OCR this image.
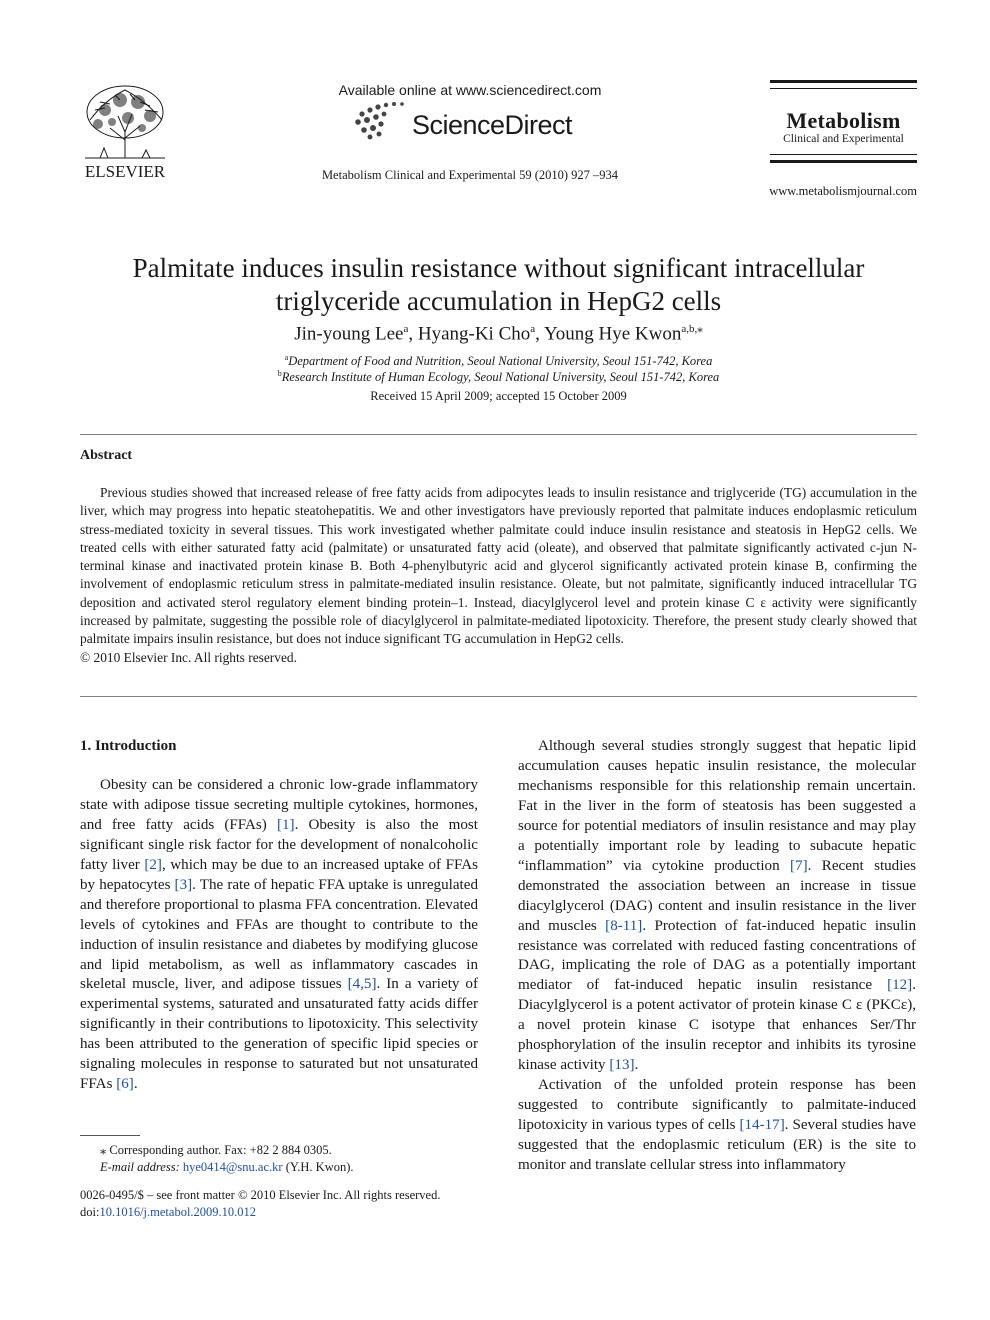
ELSEVIER
Available online at www.sciencedirect.com
ScienceDirect
Metabolism Clinical and Experimental 59 (2010) 927 –934
Metabolism
Clinical and Experimental
www.metabolismjournal.com
Palmitate induces insulin resistance without significant intracellular triglyceride accumulation in HepG2 cells
Jin-young Lee$^a$, Hyang-Ki Cho$^a$, Young Hye Kwon$^{a,b,⁎}$
$^a$Department of Food and Nutrition, Seoul National University, Seoul 151-742, Korea
$^b$Research Institute of Human Ecology, Seoul National University, Seoul 151-742, Korea
Received 15 April 2009; accepted 15 October 2009
Abstract

Previous studies showed that increased release of free fatty acids from adipocytes leads to insulin resistance and triglyceride (TG) accumulation in the liver, which may progress into hepatic steatohepatitis. We and other investigators have previously reported that palmitate induces endoplasmic reticulum stress-mediated toxicity in several tissues. This work investigated whether palmitate could induce insulin resistance and steatosis in HepG2 cells. We treated cells with either saturated fatty acid (palmitate) or unsaturated fatty acid (oleate), and observed that palmitate significantly activated c-jun N-terminal kinase and inactivated protein kinase B. Both 4-phenylbutyric acid and glycerol significantly activated protein kinase B, confirming the involvement of endoplasmic reticulum stress in palmitate-mediated insulin resistance. Oleate, but not palmitate, significantly induced intracellular TG deposition and activated sterol regulatory element binding protein–1. Instead, diacylglycerol level and protein kinase C ε activity were significantly increased by palmitate, suggesting the possible role of diacylglycerol in palmitate-mediated lipotoxicity. Therefore, the present study clearly showed that palmitate impairs insulin resistance, but does not induce significant TG accumulation in HepG2 cells.

© 2010 Elsevier Inc. All rights reserved.

1. Introduction

Obesity can be considered a chronic low-grade inflammatory state with adipose tissue secreting multiple cytokines, hormones, and free fatty acids (FFAs) [1]. Obesity is also the most significant single risk factor for the development of nonalcoholic fatty liver [2], which may be due to an increased uptake of FFAs by hepatocytes [3]. The rate of hepatic FFA uptake is unregulated and therefore proportional to plasma FFA concentration. Elevated levels of cytokines and FFAs are thought to contribute to the induction of insulin resistance and diabetes by modifying glucose and lipid metabolism, as well as inflammatory cascades in skeletal muscle, liver, and adipose tissues [4,5]. In a variety of experimental systems, saturated and unsaturated fatty acids differ significantly in their contributions to lipotoxicity. This selectivity has been attributed to the generation of specific lipid species or signaling molecules in response to saturated but not unsaturated FFAs [6].

Although several studies strongly suggest that hepatic lipid accumulation causes hepatic insulin resistance, the molecular mechanisms responsible for this relationship remain uncertain. Fat in the liver in the form of steatosis has been suggested a source for potential mediators of insulin resistance and may play a potentially important role by leading to subacute hepatic “inflammation” via cytokine production [7]. Recent studies demonstrated the association between an increase in tissue diacylglycerol (DAG) content and insulin resistance in the liver and muscles [8-11]. Protection of fat-induced hepatic insulin resistance was correlated with reduced fasting concentrations of DAG, implicating the role of DAG as a potentially important mediator of fat-induced hepatic insulin resistance [12]. Diacylglycerol is a potent activator of protein kinase C ε (PKCε), a novel protein kinase C isotype that enhances Ser/Thr phosphorylation of the insulin receptor and inhibits its tyrosine kinase activity [13].

Activation of the unfolded protein response has been suggested to contribute significantly to palmitate-induced lipotoxicity in various types of cells [14-17]. Several studies have suggested that the endoplasmic reticulum (ER) is the site to monitor and translate cellular stress into inflammatory

⁎ Corresponding author. Fax: +82 2 884 0305.
E-mail address: hye0414@snu.ac.kr (Y.H. Kwon).
0026-0495/$ – see front matter © 2010 Elsevier Inc. All rights reserved.
doi:10.1016/j.metabol.2009.10.012
